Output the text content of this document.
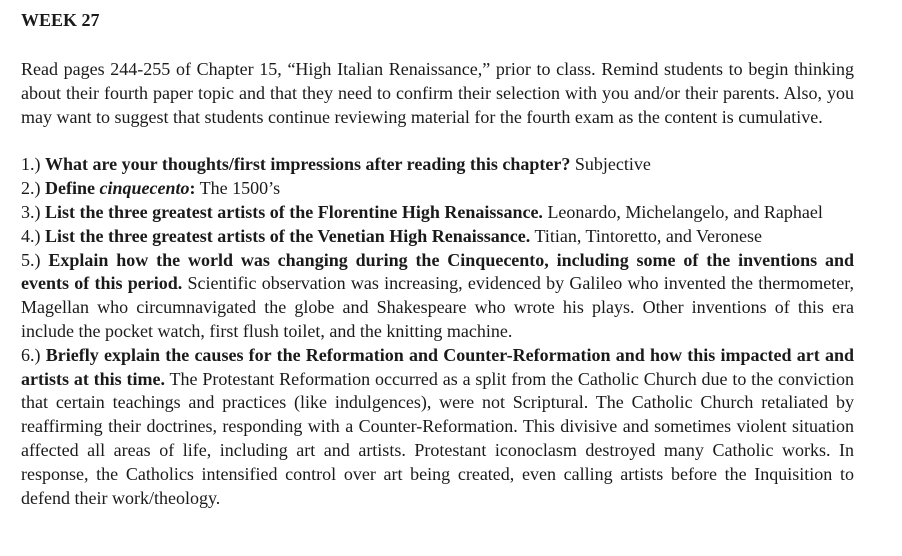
WEEK 27

Read pages 244-255 of Chapter 15, “High Italian Renaissance,” prior to class. Remind students to begin thinking about their fourth paper topic and that they need to confirm their selection with you and/or their parents. Also, you may want to suggest that students continue reviewing material for the fourth exam as the content is cumulative.

1.) What are your thoughts/first impressions after reading this chapter? Subjective
2.) Define cinquecento: The 1500’s
3.) List the three greatest artists of the Florentine High Renaissance. Leonardo, Michelangelo, and Raphael
4.) List the three greatest artists of the Venetian High Renaissance. Titian, Tintoretto, and Veronese
5.) Explain how the world was changing during the Cinquecento, including some of the inventions and events of this period. Scientific observation was increasing, evidenced by Galileo who invented the thermometer, Magellan who circumnavigated the globe and Shakespeare who wrote his plays. Other inventions of this era include the pocket watch, first flush toilet, and the knitting machine.
6.) Briefly explain the causes for the Reformation and Counter-Reformation and how this impacted art and artists at this time. The Protestant Reformation occurred as a split from the Catholic Church due to the conviction that certain teachings and practices (like indulgences), were not Scriptural. The Catholic Church retaliated by reaffirming their doctrines, responding with a Counter-Reformation. This divisive and sometimes violent situation affected all areas of life, including art and artists. Protestant iconoclasm destroyed many Catholic works. In response, the Catholics intensified control over art being created, even calling artists before the Inquisition to defend their work/theology.
